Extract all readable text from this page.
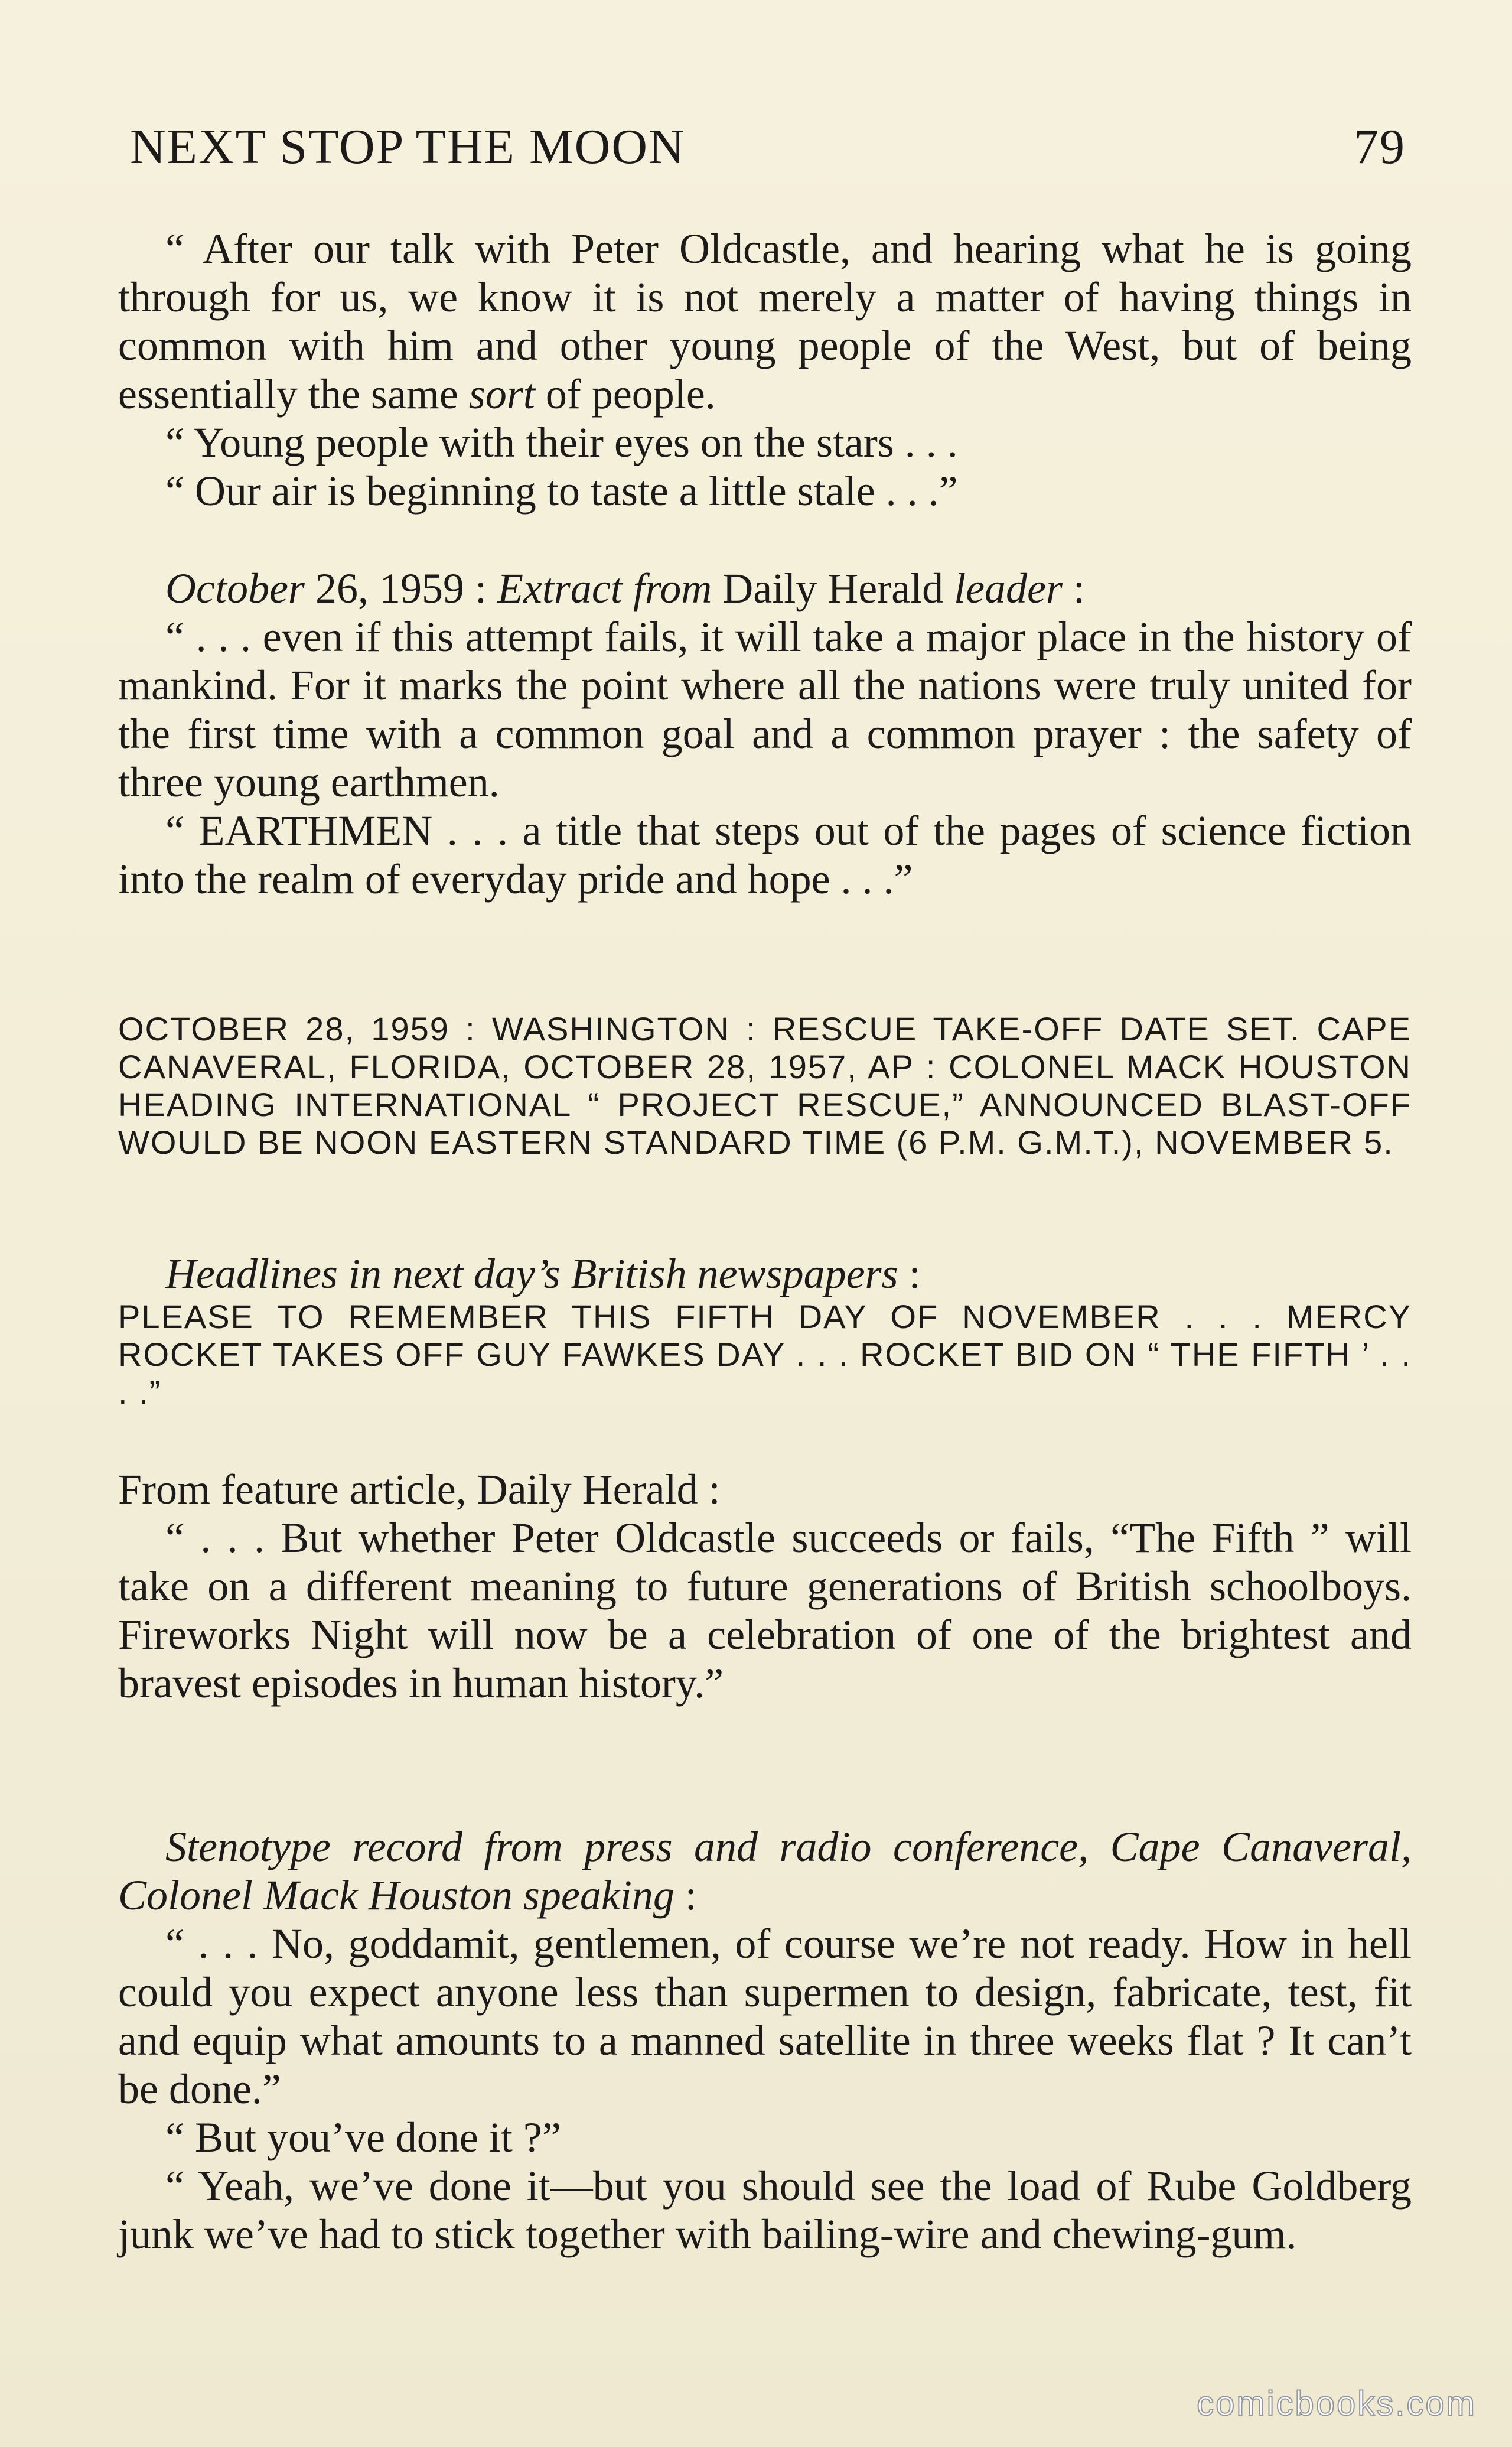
NEXT STOP THE MOON	79

“ After our talk with Peter Oldcastle, and hearing what he is going through for us, we know it is not merely a matter of having things in common with him and other young people of the West, but of being essentially the same sort of people.

“ Young people with their eyes on the stars . . .

“ Our air is beginning to taste a little stale . . .”

October 26, 1959 : Extract from Daily Herald leader :

“ . . . even if this attempt fails, it will take a major place in the history of mankind. For it marks the point where all the nations were truly united for the first time with a common goal and a common prayer : the safety of three young earthmen.

“ EARTHMEN . . . a title that steps out of the pages of science fiction into the realm of everyday pride and hope . . .”

OCTOBER 28, 1959 : WASHINGTON : RESCUE TAKE-OFF DATE SET. CAPE CANAVERAL, FLORIDA, OCTOBER 28, 1957, AP : COLONEL MACK HOUSTON HEADING INTERNATIONAL “ PROJECT RESCUE,” ANNOUNCED BLAST-OFF WOULD BE NOON EASTERN STANDARD TIME (6 P.M. G.M.T.), NOVEMBER 5.

Headlines in next day’s British newspapers :

PLEASE TO REMEMBER THIS FIFTH DAY OF NOVEMBER . . . MERCY ROCKET TAKES OFF GUY FAWKES DAY . . . ROCKET BID ON “ THE FIFTH ’ . . . .”

From feature article, Daily Herald :

“ . . . But whether Peter Oldcastle succeeds or fails, “The Fifth ” will take on a different meaning to future generations of British schoolboys. Fireworks Night will now be a celebration of one of the brightest and bravest episodes in human history.”

Stenotype record from press and radio conference, Cape Canaveral, Colonel Mack Houston speaking :

“ . . . No, goddamit, gentlemen, of course we’re not ready. How in hell could you expect anyone less than supermen to design, fabricate, test, fit and equip what amounts to a manned satellite in three weeks flat ? It can’t be done.”

“ But you’ve done it ?”

“ Yeah, we’ve done it—but you should see the load of Rube Goldberg junk we’ve had to stick together with bailing-wire and chewing-gum.

comicbooks.com
